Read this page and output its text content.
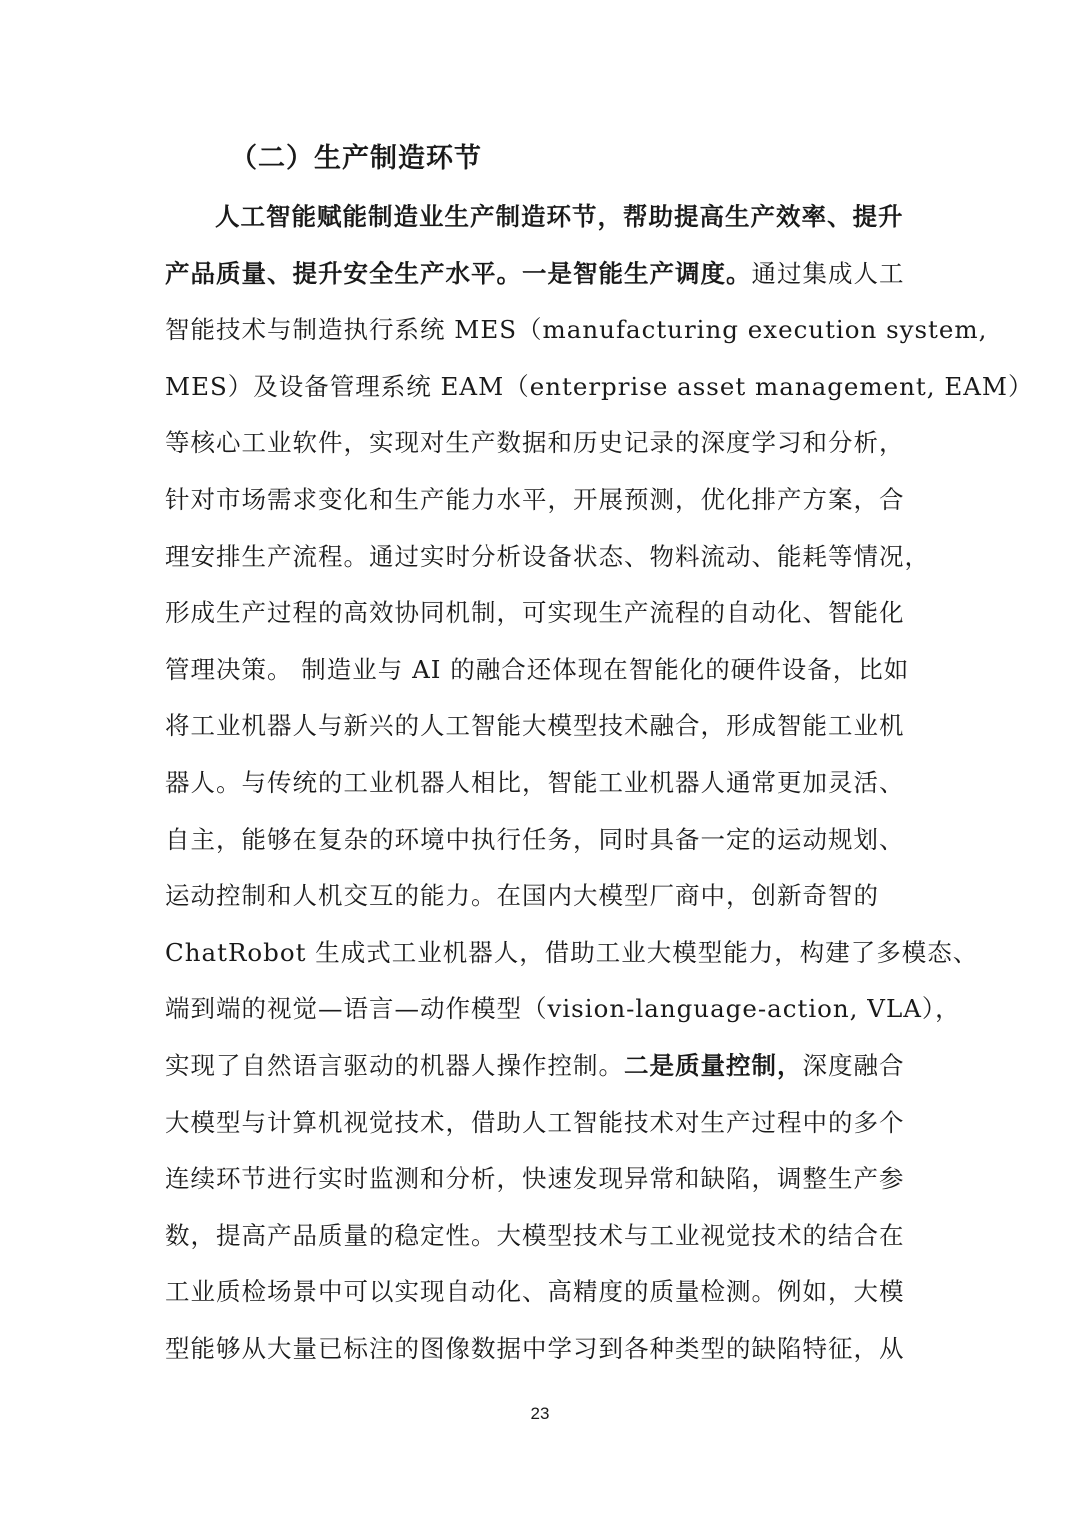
（二）生产制造环节
人工智能赋能制造业生产制造环节，帮助提高生产效率、提升
产品质量、提升安全生产水平。一是智能生产调度。通过集成人工
智能技术与制造执行系统 MES（manufacturing execution system,
MES）及设备管理系统 EAM（enterprise asset management, EAM）
等核心工业软件，实现对生产数据和历史记录的深度学习和分析，
针对市场需求变化和生产能力水平，开展预测，优化排产方案，合
理安排生产流程。通过实时分析设备状态、物料流动、能耗等情况，
形成生产过程的高效协同机制，可实现生产流程的自动化、智能化
管理决策。 制造业与 AI 的融合还体现在智能化的硬件设备，比如
将工业机器人与新兴的人工智能大模型技术融合，形成智能工业机
器人。与传统的工业机器人相比，智能工业机器人通常更加灵活、
自主，能够在复杂的环境中执行任务，同时具备一定的运动规划、
运动控制和人机交互的能力。在国内大模型厂商中，创新奇智的
ChatRobot 生成式工业机器人，借助工业大模型能力，构建了多模态、
端到端的视觉—语言—动作模型（vision-language-action, VLA），
实现了自然语言驱动的机器人操作控制。二是质量控制，深度融合
大模型与计算机视觉技术，借助人工智能技术对生产过程中的多个
连续环节进行实时监测和分析，快速发现异常和缺陷，调整生产参
数，提高产品质量的稳定性。大模型技术与工业视觉技术的结合在
工业质检场景中可以实现自动化、高精度的质量检测。例如，大模
型能够从大量已标注的图像数据中学习到各种类型的缺陷特征，从
23
